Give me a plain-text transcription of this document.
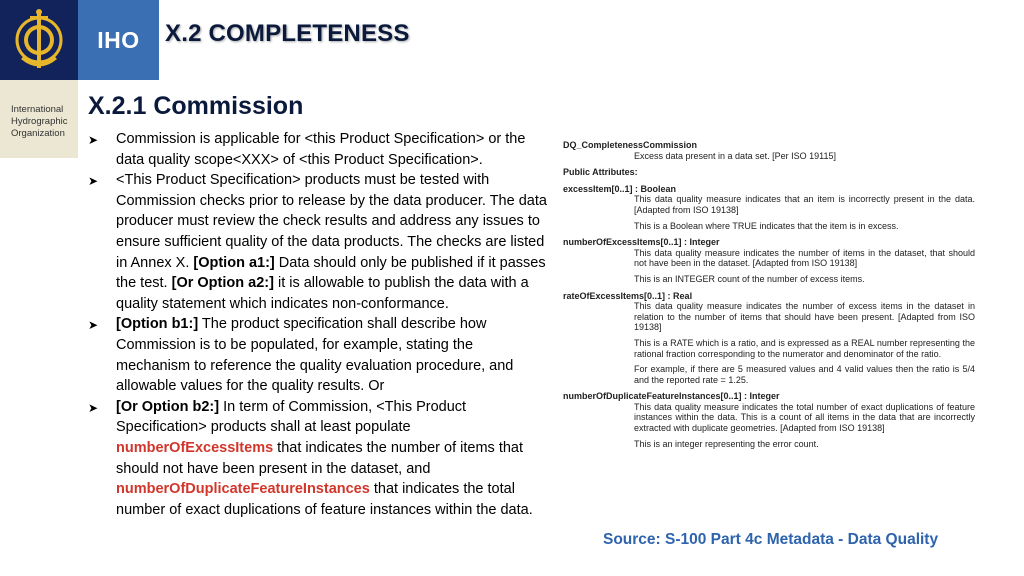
IHO
International
Hydrographic
Organization
X.2 COMPLETENESS
X.2.1 Commission
➤	Commission is applicable for <this Product Specification> or the data quality scope<XXX> of <this Product Specification>.
➤	<This Product Specification> products must be tested with Commission checks prior to release by the data producer. The data producer must review the check results and address any issues to ensure sufficient quality of the data products. The checks are listed in Annex X. [Option a1:] Data should only be published if it passes the test. [Or Option a2:] it is allowable to publish the data with a quality statement which indicates non-conformance.
➤	[Option b1:] The product specification shall describe how Commission is to be populated, for example, stating the mechanism to reference the quality evaluation procedure, and allowable values for the quality results. Or
➤	[Or Option b2:] In term of Commission, <This Product Specification> products shall at least populate numberOfExcessItems that indicates the number of items that should not have been present in the dataset, and numberOfDuplicateFeatureInstances that indicates the total number of exact duplications of feature instances within the data.
DQ_CompletenessCommission
Excess data present in a data set. [Per ISO 19115]
Public Attributes:
excessItem[0..1] : Boolean
This data quality measure indicates that an item is incorrectly present in the data. [Adapted from ISO 19138]
This is a Boolean where TRUE indicates that the item is in excess.
numberOfExcessItems[0..1] : Integer
This data quality measure indicates the number of items in the dataset, that should not have been in the dataset. [Adapted from ISO 19138]
This is an INTEGER count of the number of excess items.
rateOfExcessItems[0..1] : Real
This data quality measure indicates the number of excess items in the dataset in relation to the number of items that should have been present. [Adapted from ISO 19138]
This is a RATE which is a ratio, and is expressed as a REAL number representing the rational fraction corresponding to the numerator and denominator of the ratio.
For example, if there are 5 measured values and 4 valid values then the ratio is 5/4 and the reported rate = 1.25.
numberOfDuplicateFeatureInstances[0..1] : Integer
This data quality measure indicates the total number of exact duplications of feature instances within the data. This is a count of all items in the data that are incorrectly extracted with duplicate geometries. [Adapted from ISO 19138]
This is an integer representing the error count.
Source: S-100 Part 4c Metadata - Data Quality
